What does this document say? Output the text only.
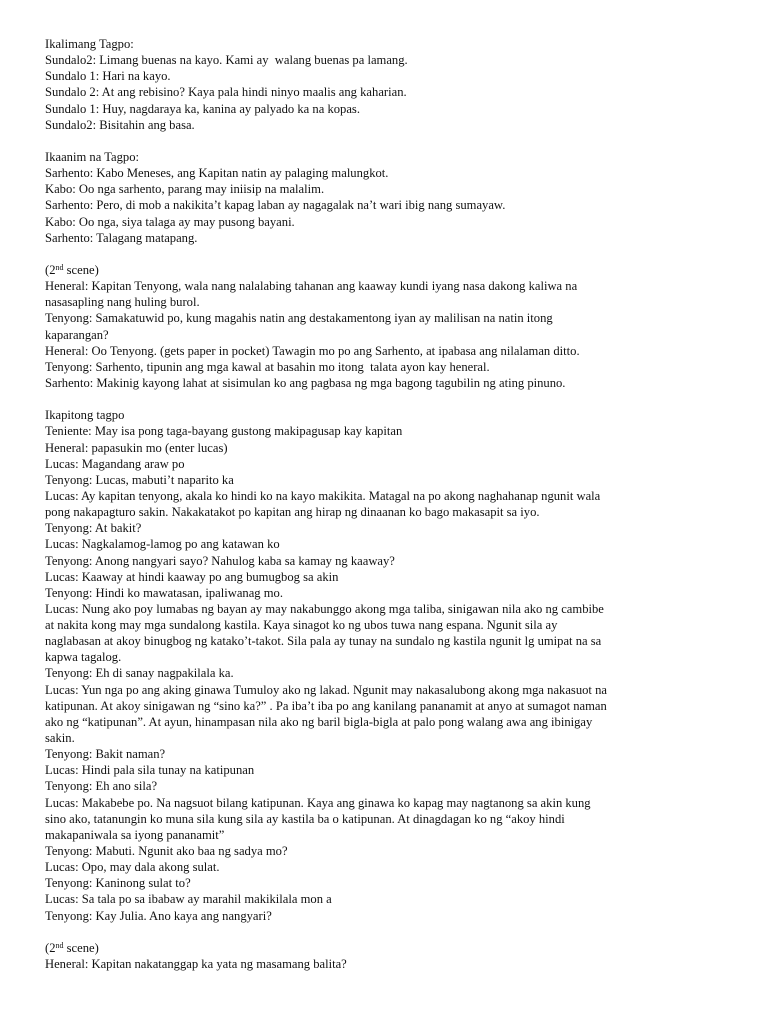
Ikalimang Tagpo:
Sundalo2: Limang buenas na kayo. Kami ay  walang buenas pa lamang.
Sundalo 1: Hari na kayo.
Sundalo 2: At ang rebisino? Kaya pala hindi ninyo maalis ang kaharian.
Sundalo 1: Huy, nagdaraya ka, kanina ay palyado ka na kopas.
Sundalo2: Bisitahin ang basa.
Ikaanim na Tagpo:
Sarhento: Kabo Meneses, ang Kapitan natin ay palaging malungkot.
Kabo: Oo nga sarhento, parang may iniisip na malalim.
Sarhento: Pero, di mob a nakikita’t kapag laban ay nagagalak na’t wari ibig nang sumayaw.
Kabo: Oo nga, siya talaga ay may pusong bayani.
Sarhento: Talagang matapang.
(2nd scene)
Heneral: Kapitan Tenyong, wala nang nalalabing tahanan ang kaaway kundi iyang nasa dakong kaliwa na
nasasapling nang huling burol.
Tenyong: Samakatuwid po, kung magahis natin ang destakamentong iyan ay malilisan na natin itong
kaparangan?
Heneral: Oo Tenyong. (gets paper in pocket) Tawagin mo po ang Sarhento, at ipabasa ang nilalaman ditto.
Tenyong: Sarhento, tipunin ang mga kawal at basahin mo itong  talata ayon kay heneral.
Sarhento: Makinig kayong lahat at sisimulan ko ang pagbasa ng mga bagong tagubilin ng ating pinuno.
Ikapitong tagpo
Teniente: May isa pong taga-bayang gustong makipagusap kay kapitan
Heneral: papasukin mo (enter lucas)
Lucas: Magandang araw po
Tenyong: Lucas, mabuti’t naparito ka
Lucas: Ay kapitan tenyong, akala ko hindi ko na kayo makikita. Matagal na po akong naghahanap ngunit wala
pong nakapagturo sakin. Nakakatakot po kapitan ang hirap ng dinaanan ko bago makasapit sa iyo.
Tenyong: At bakit?
Lucas: Nagkalamog-lamog po ang katawan ko
Tenyong: Anong nangyari sayo? Nahulog kaba sa kamay ng kaaway?
Lucas: Kaaway at hindi kaaway po ang bumugbog sa akin
Tenyong: Hindi ko mawatasan, ipaliwanag mo.
Lucas: Nung ako poy lumabas ng bayan ay may nakabunggo akong mga taliba, sinigawan nila ako ng cambibe
at nakita kong may mga sundalong kastila. Kaya sinagot ko ng ubos tuwa nang espana. Ngunit sila ay
naglabasan at akoy binugbog ng katako’t-takot. Sila pala ay tunay na sundalo ng kastila ngunit lg umipat na sa
kapwa tagalog.
Tenyong: Eh di sanay nagpakilala ka.
Lucas: Yun nga po ang aking ginawa Tumuloy ako ng lakad. Ngunit may nakasalubong akong mga nakasuot na
katipunan. At akoy sinigawan ng “sino ka?” . Pa iba’t iba po ang kanilang pananamit at anyo at sumagot naman
ako ng “katipunan”. At ayun, hinampasan nila ako ng baril bigla-bigla at palo pong walang awa ang ibinigay
sakin.
Tenyong: Bakit naman?
Lucas: Hindi pala sila tunay na katipunan
Tenyong: Eh ano sila?
Lucas: Makabebe po. Na nagsuot bilang katipunan. Kaya ang ginawa ko kapag may nagtanong sa akin kung
sino ako, tatanungin ko muna sila kung sila ay kastila ba o katipunan. At dinagdagan ko ng “akoy hindi
makapaniwala sa iyong pananamit”
Tenyong: Mabuti. Ngunit ako baa ng sadya mo?
Lucas: Opo, may dala akong sulat.
Tenyong: Kaninong sulat to?
Lucas: Sa tala po sa ibabaw ay marahil makikilala mon a
Tenyong: Kay Julia. Ano kaya ang nangyari?
(2nd scene)
Heneral: Kapitan nakatanggap ka yata ng masamang balita?
